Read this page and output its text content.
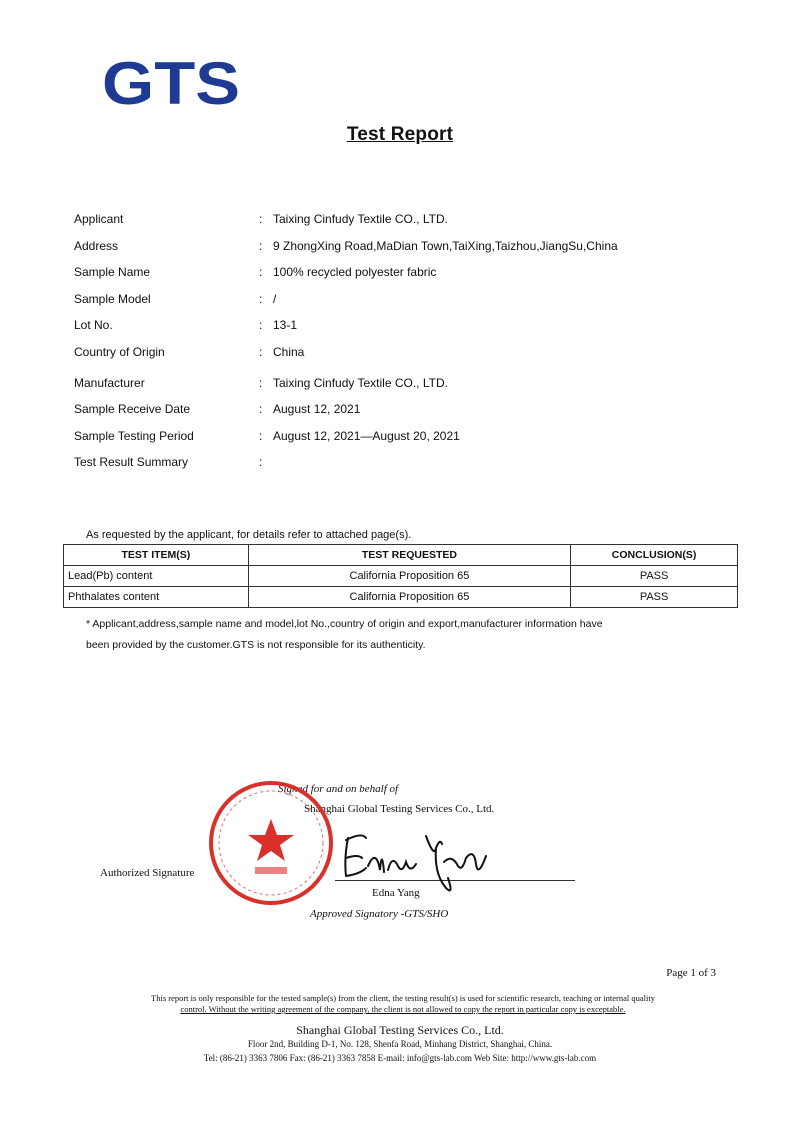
GTS
Test Report
Applicant	: Taixing Cinfudy Textile CO., LTD.
Address	: 9 ZhongXing Road,MaDian Town,TaiXing,Taizhou,JiangSu,China
Sample Name	: 100% recycled polyester fabric
Sample Model	: /
Lot No.	: 13-1
Country of Origin	: China
Manufacturer	: Taixing Cinfudy Textile CO., LTD.
Sample Receive Date	: August 12, 2021
Sample Testing Period	: August 12, 2021—August 20, 2021
Test Result Summary	:
As requested by the applicant, for details refer to attached page(s).
TEST ITEM(S)	TEST REQUESTED	CONCLUSION(S)
Lead(Pb) content	California Proposition 65	PASS
Phthalates content	California Proposition 65	PASS
* Applicant,address,sample name and model,lot No.,country of origin and export,manufacturer information have
been provided by the customer.GTS is not responsible for its authenticity.
Signed for and on behalf of
Shanghai Global Testing Services Co., Ltd.
Authorized Signature
Edna Yang
Approved Signatory -GTS/SHO
Page 1 of 3
This report is only responsible for the tested sample(s) from the client, the testing result(s) is used for scientific research, teaching or internal quality
control. Without the writing agreement of the company, the client is not allowed to copy the report in particular copy is exceptable.
Shanghai Global Testing Services Co., Ltd.
Floor 2nd, Building D-1, No. 128, Shenfa Road, Minhang District, Shanghai, China.
Tel: (86-21) 3363 7806 Fax: (86-21) 3363 7858 E-mail: info@gts-lab.com Web Site: http://www.gts-lab.com
